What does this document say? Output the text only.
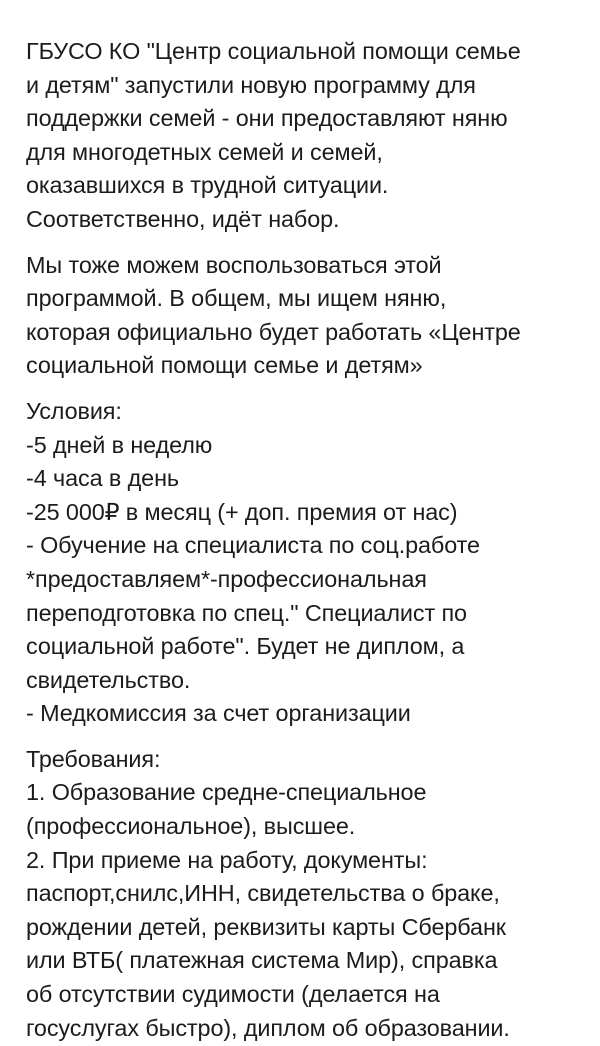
ГБУСО КО "Центр социальной помощи семье
и детям" запустили новую программу для
поддержки семей - они предоставляют няню
для многодетных семей и семей,
оказавшихся в трудной ситуации.
Соответственно, идёт набор.
Мы тоже можем воспользоваться этой
программой. В общем, мы ищем няню,
которая официально будет работать «Центре
социальной помощи семье и детям»
Условия:
-5 дней в неделю
-4 часа в день
-25 000₽ в месяц (+ доп. премия от нас)
- Обучение на специалиста по соц.работе
*предоставляем*-профессиональная
переподготовка по спец." Специалист по
социальной работе". Будет не диплом, а
свидетельство.
- Медкомиссия за счет организации
Требования:
1. Образование средне-специальное
(профессиональное), высшее.
2. При приеме на работу, документы:
паспорт,снилс,ИНН, свидетельства о браке,
рождении детей, реквизиты карты Сбербанк
или ВТБ( платежная система Мир), справка
об отсутствии судимости (делается на
госуслугах быстро), диплом об образовании.
